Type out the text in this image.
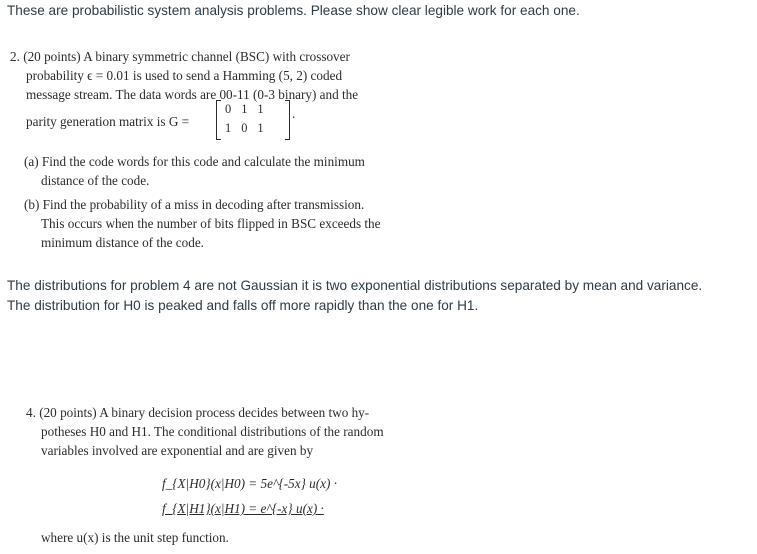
These are probabilistic system analysis problems. Please show clear legible work for each one.
2. (20 points) A binary symmetric channel (BSC) with crossover
probability ϵ = 0.01 is used to send a Hamming (5, 2) coded
message stream. The data words are 00-11 (0-3 binary) and the
parity generation matrix is G =
0 1 1
1 0 1
.
(a) Find the code words for this code and calculate the minimum
distance of the code.
(b) Find the probability of a miss in decoding after transmission.
This occurs when the number of bits flipped in BSC exceeds the
minimum distance of the code.
The distributions for problem 4 are not Gaussian it is two exponential distributions separated by mean and variance. The distribution for H0 is peaked and falls off more rapidly than the one for H1.
4. (20 points) A binary decision process decides between two hy-
potheses H0 and H1. The conditional distributions of the random
variables involved are exponential and are given by
f_{X|H0}(x|H0) = 5e^{-5x} u(x) ·
f_{X|H1}(x|H1) = e^{-x} u(x) ·
where u(x) is the unit step function.
